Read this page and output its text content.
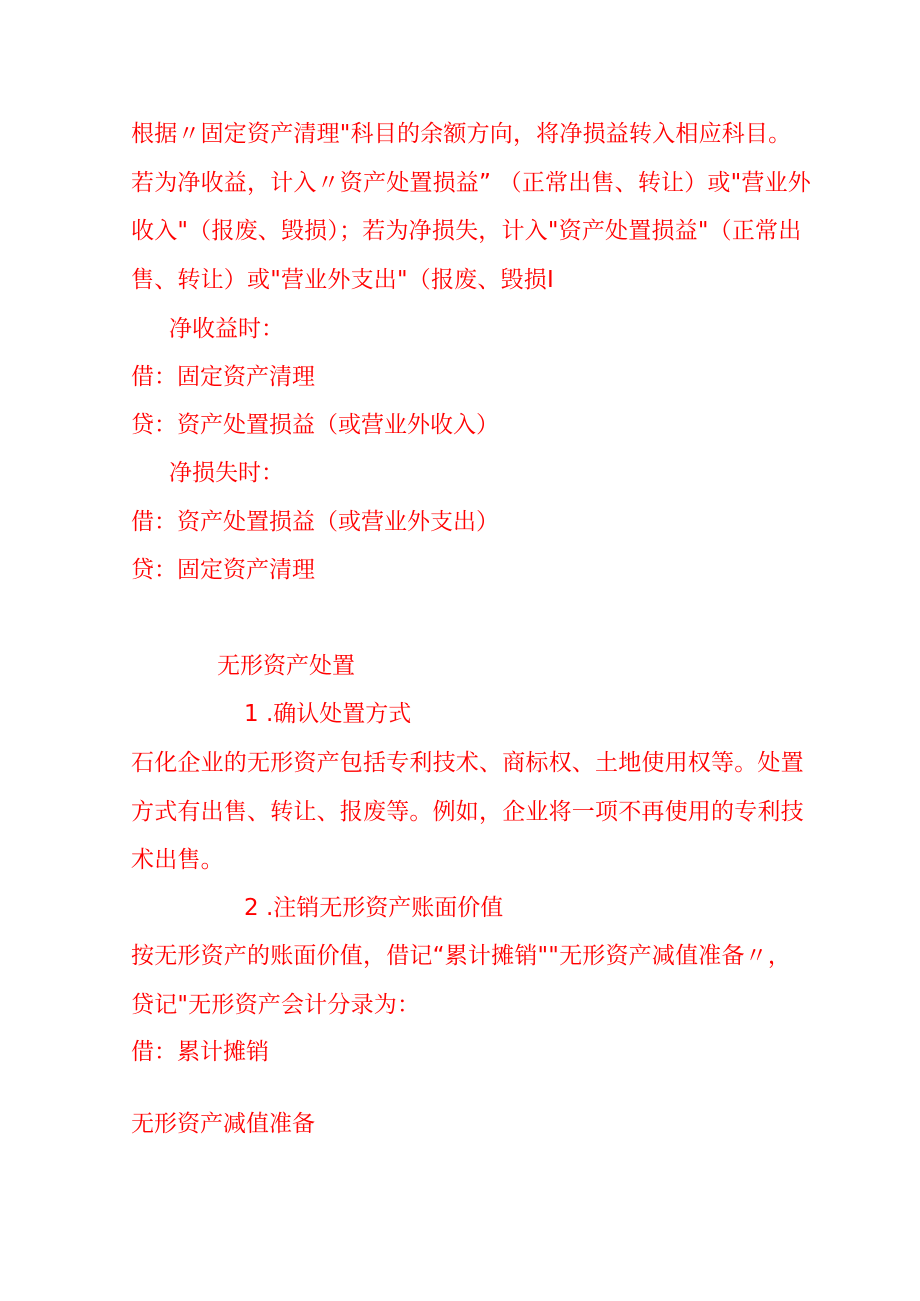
根据〃固定资产清理"科目的余额方向，将净损益转入相应科目。若为净收益，计入〃资产处置损益” （正常出售、转让）或"营业外收入"（报废、毁损）；若为净损失，计入"资产处置损益"（正常出售、转让）或"营业外支出"（报废、毁损I

净收益时：

借：固定资产清理

贷：资产处置损益（或营业外收入）

净损失时：

借：资产处置损益（或营业外支出）

贷：固定资产清理

无形资产处置

1 .确认处置方式

石化企业的无形资产包括专利技术、商标权、土地使用权等。处置方式有出售、转让、报废等。例如，企业将一项不再使用的专利技术出售。

2 .注销无形资产账面价值

按无形资产的账面价值，借记“累计摊销""无形资产减值准备〃，贷记"无形资产会计分录为：

借：累计摊销

无形资产减值准备
